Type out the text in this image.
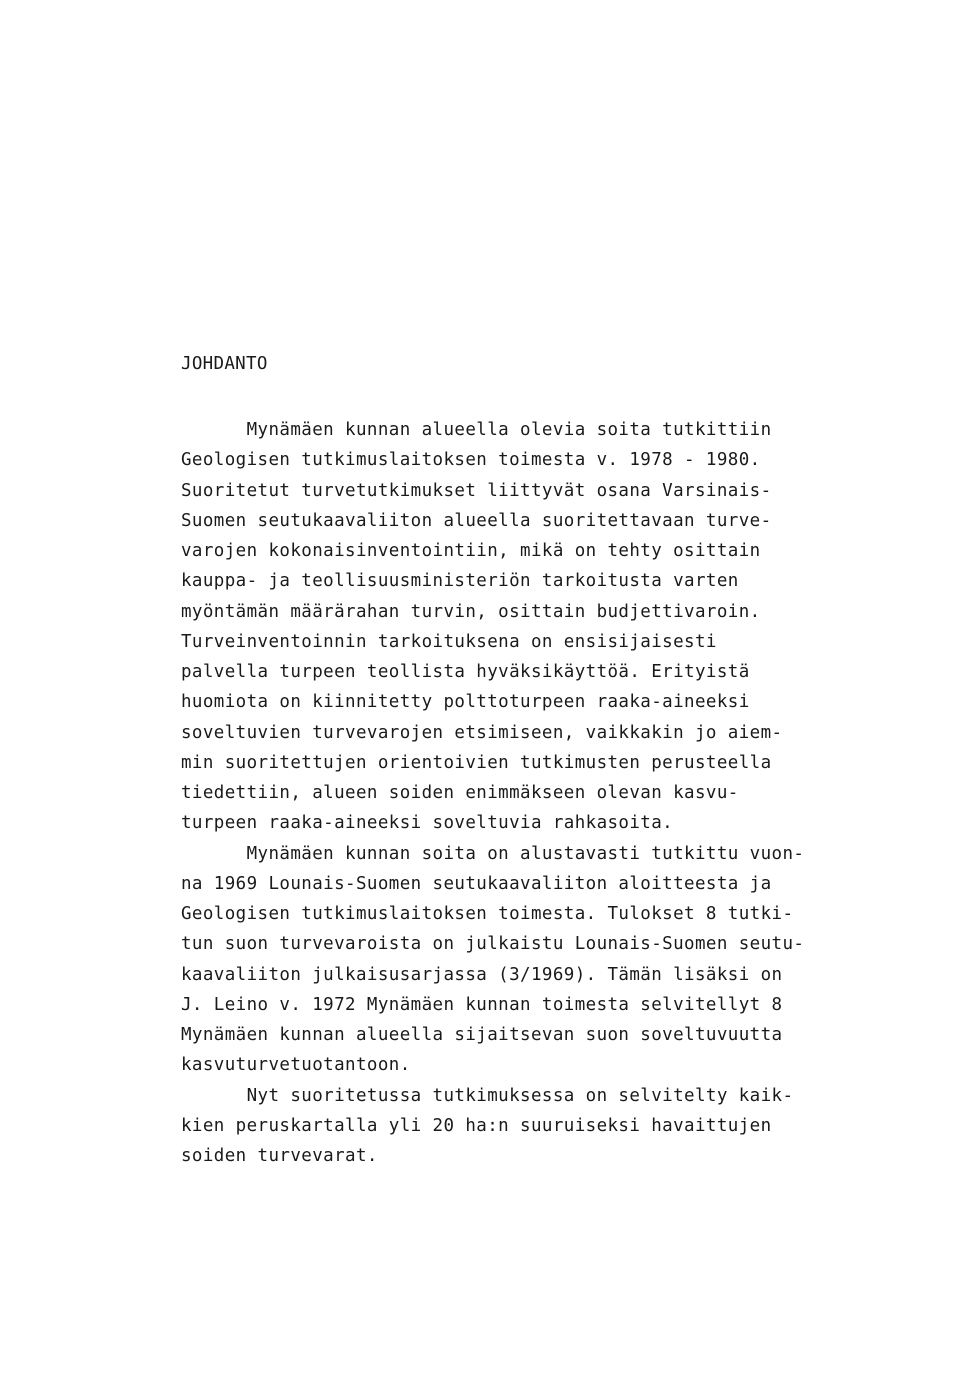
JOHDANTO
Mynämäen kunnan alueella olevia soita tutkittiin
Geologisen tutkimuslaitoksen toimesta v. 1978 - 1980.
Suoritetut turvetutkimukset liittyvät osana Varsinais-
Suomen seutukaavaliiton alueella suoritettavaan turve-
varojen kokonaisinventointiin, mikä on tehty osittain
kauppa- ja teollisuusministeriön tarkoitusta varten
myöntämän määrärahan turvin, osittain budjettivaroin.
Turveinventoinnin tarkoituksena on ensisijaisesti
palvella turpeen teollista hyväksikäyttöä. Erityistä
huomiota on kiinnitetty polttoturpeen raaka-aineeksi
soveltuvien turvevarojen etsimiseen, vaikkakin jo aiem-
min suoritettujen orientoivien tutkimusten perusteella
tiedettiin, alueen soiden enimmäkseen olevan kasvu-
turpeen raaka-aineeksi soveltuvia rahkasoita.
Mynämäen kunnan soita on alustavasti tutkittu vuon-
na 1969 Lounais-Suomen seutukaavaliiton aloitteesta ja
Geologisen tutkimuslaitoksen toimesta. Tulokset 8 tutki-
tun suon turvevaroista on julkaistu Lounais-Suomen seutu-
kaavaliiton julkaisusarjassa (3/1969). Tämän lisäksi on
J. Leino v. 1972 Mynämäen kunnan toimesta selvitellyt 8
Mynämäen kunnan alueella sijaitsevan suon soveltuvuutta
kasvuturvetuotantoon.
Nyt suoritetussa tutkimuksessa on selvitelty kaik-
kien peruskartalla yli 20 ha:n suuruiseksi havaittujen
soiden turvevarat.
